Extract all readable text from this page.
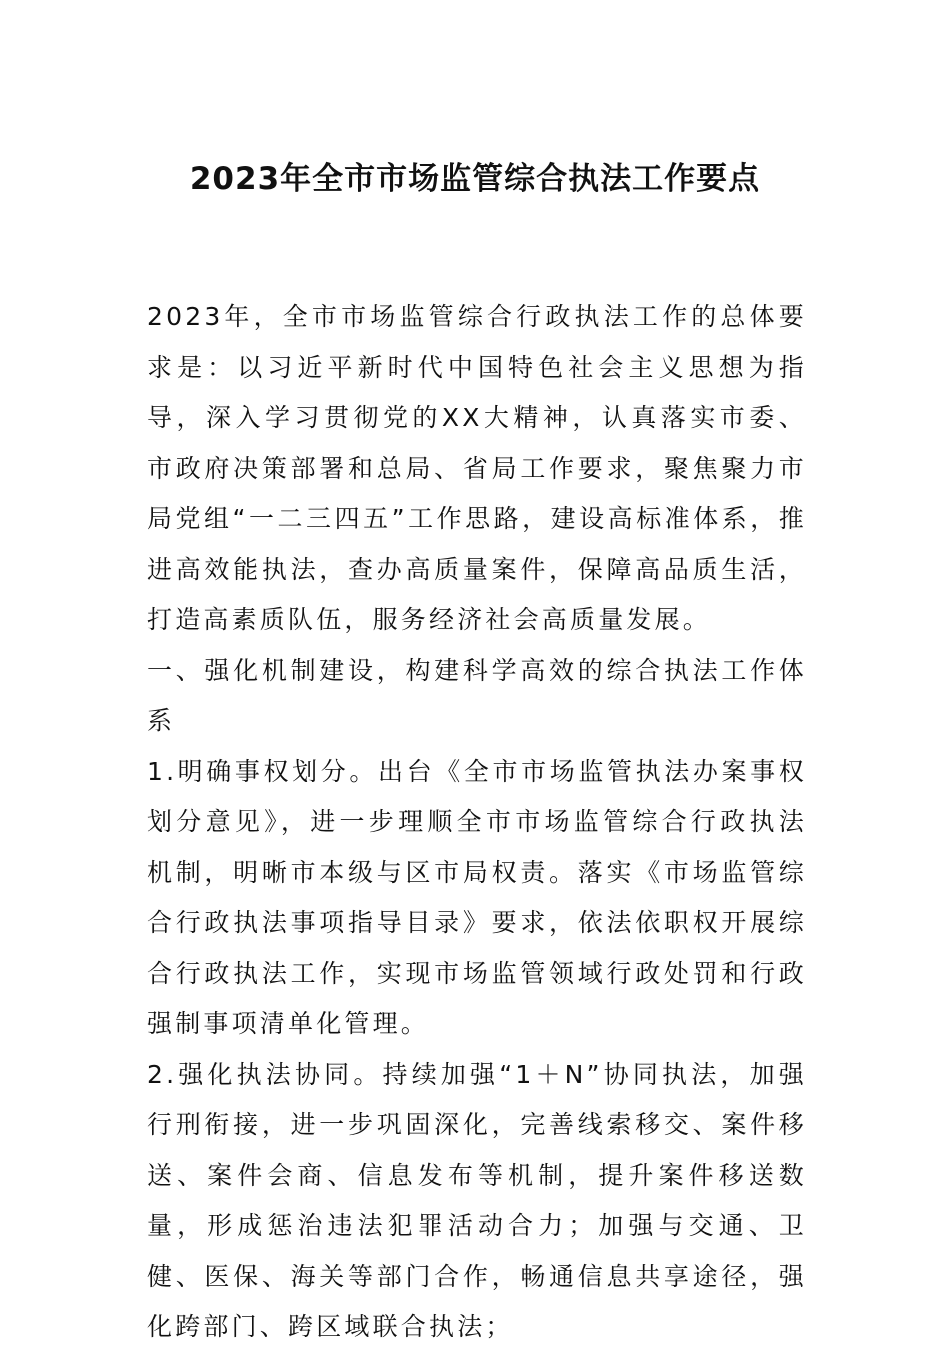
2023年全市市场监管综合执法工作要点

2023年，全市市场监管综合行政执法工作的总体要求是：以习近平新时代中国特色社会主义思想为指导，深入学习贯彻党的XX大精神，认真落实市委、市政府决策部署和总局、省局工作要求，聚焦聚力市局党组“一二三四五”工作思路，建设高标准体系，推进高效能执法，查办高质量案件，保障高品质生活，打造高素质队伍，服务经济社会高质量发展。

一、强化机制建设，构建科学高效的综合执法工作体系

1.明确事权划分。出台《全市市场监管执法办案事权划分意见》，进一步理顺全市市场监管综合行政执法机制，明晰市本级与区市局权责。落实《市场监管综合行政执法事项指导目录》要求，依法依职权开展综合行政执法工作，实现市场监管领域行政处罚和行政强制事项清单化管理。

2.强化执法协同。持续加强“1＋N”协同执法，加强行刑衔接，进一步巩固深化，完善线索移交、案件移送、案件会商、信息发布等机制，提升案件移送数量，形成惩治违法犯罪活动合力；加强与交通、卫健、医保、海关等部门合作，畅通信息共享途径，强化跨部门、跨区域联合执法；
